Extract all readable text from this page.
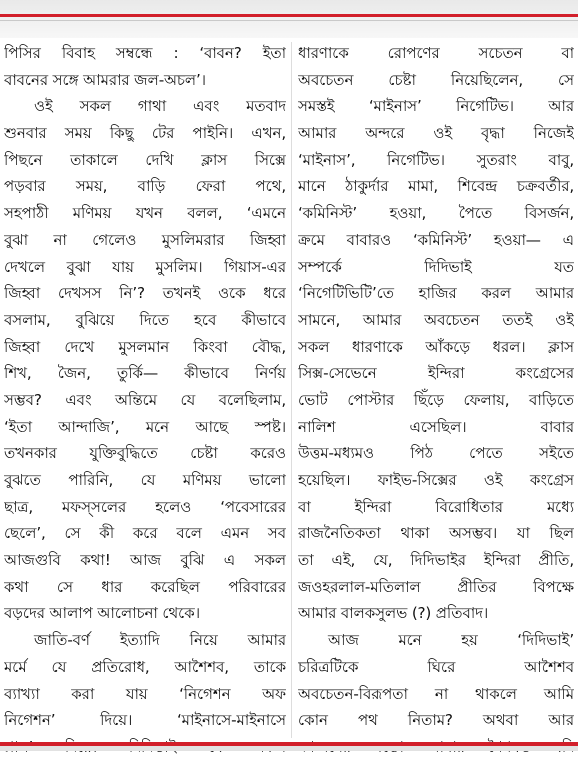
পিসির বিবাহ সম্বন্ধে : ‘বাবন? ইতা
বাবনের সঙ্গে আমরার জল-অচল’।
ওই সকল গাথা এবং মতবাদ
শুনবার সময় কিছু টের পাইনি। এখন,
পিছনে তাকালে দেখি ক্লাস সিক্সে
পড়বার সময়, বাড়ি ফেরা পথে,
সহপাঠী মণিময় যখন বলল, ‘এমনে
বুঝা না গেলেও মুসলিমরার জিহ্বা
দেখলে বুঝা যায় মুসলিম। গিয়াস-এর
জিহ্বা দেখসস নি’? তখনই ওকে ধরে
বসলাম, বুঝিয়ে দিতে হবে কীভাবে
জিহ্বা দেখে মুসলমান কিংবা বৌদ্ধ,
শিখ, জৈন, তুর্কি— কীভাবে নির্ণয়
সম্ভব? এবং অন্তিমে যে বলেছিলাম,
‘ইতা আন্দাজি’, মনে আছে স্পষ্ট।
তখনকার যুক্তিবুদ্ধিতে চেষ্টা করেও
বুঝতে পারিনি, যে মণিময় ভালো
ছাত্র, মফস্সলের হলেও ‘পবেসারের
ছেলে’, সে কী করে বলে এমন সব
আজগুবি কথা! আজ বুঝি এ সকল
কথা সে ধার করেছিল পরিবারের
বড়দের আলাপ আলোচনা থেকে।
জাতি-বর্ণ ইত্যাদি নিয়ে আমার
মর্মে যে প্রতিরোধ, আশৈশব, তাকে
ব্যাখ্যা করা যায় ‘নিগেশন অফ
নিগেশন’ দিয়ে। ‘মাইনাসে-মাইনাসে
ধারণাকে রোপণের সচেতন বা
অবচেতন চেষ্টা নিয়েছিলেন, সে
সমস্তই ‘মাইনাস’ নিগেটিভ। আর
আমার অন্দরে ওই বৃদ্ধা নিজেই
‘মাইনাস’, নিগেটিভ। সুতরাং বাবু,
মানে ঠাকুর্দার মামা, শিবেন্দ্র চক্রবর্তীর,
‘কমিনিস্ট’ হওয়া, পৈতে বিসর্জন,
ক্রমে বাবারও ‘কমিনিস্ট’ হওয়া— এ
সম্পর্কে দিদিভাই যত
‘নিগেটিভিটি’তে হাজির করল আমার
সামনে, আমার অবচেতন ততই ওই
সকল ধারণাকে আঁকড়ে ধরল। ক্লাস
সিক্স-সেভেনে ইন্দিরা কংগ্রেসের
ভোট পোস্টার ছিঁড়ে ফেলায়, বাড়িতে
নালিশ এসেছিল। বাবার
উত্তম-মধ্যমও পিঠ পেতে সইতে
হয়েছিল। ফাইভ-সিক্সের ওই কংগ্রেস
বা ইন্দিরা বিরোধিতার মধ্যে
রাজনৈতিকতা থাকা অসম্ভব। যা ছিল
তা এই, যে, দিদিভাইর ইন্দিরা প্রীতি,
জওহরলাল-মতিলাল প্রীতির বিপক্ষে
আমার বালকসুলভ (?) প্রতিবাদ।
আজ মনে হয় ‘দিদিভাই’
চরিত্রটিকে ঘিরে আশৈশব
অবচেতন-বিরূপতা না থাকলে আমি
কোন পথ নিতাম? অথবা আর
